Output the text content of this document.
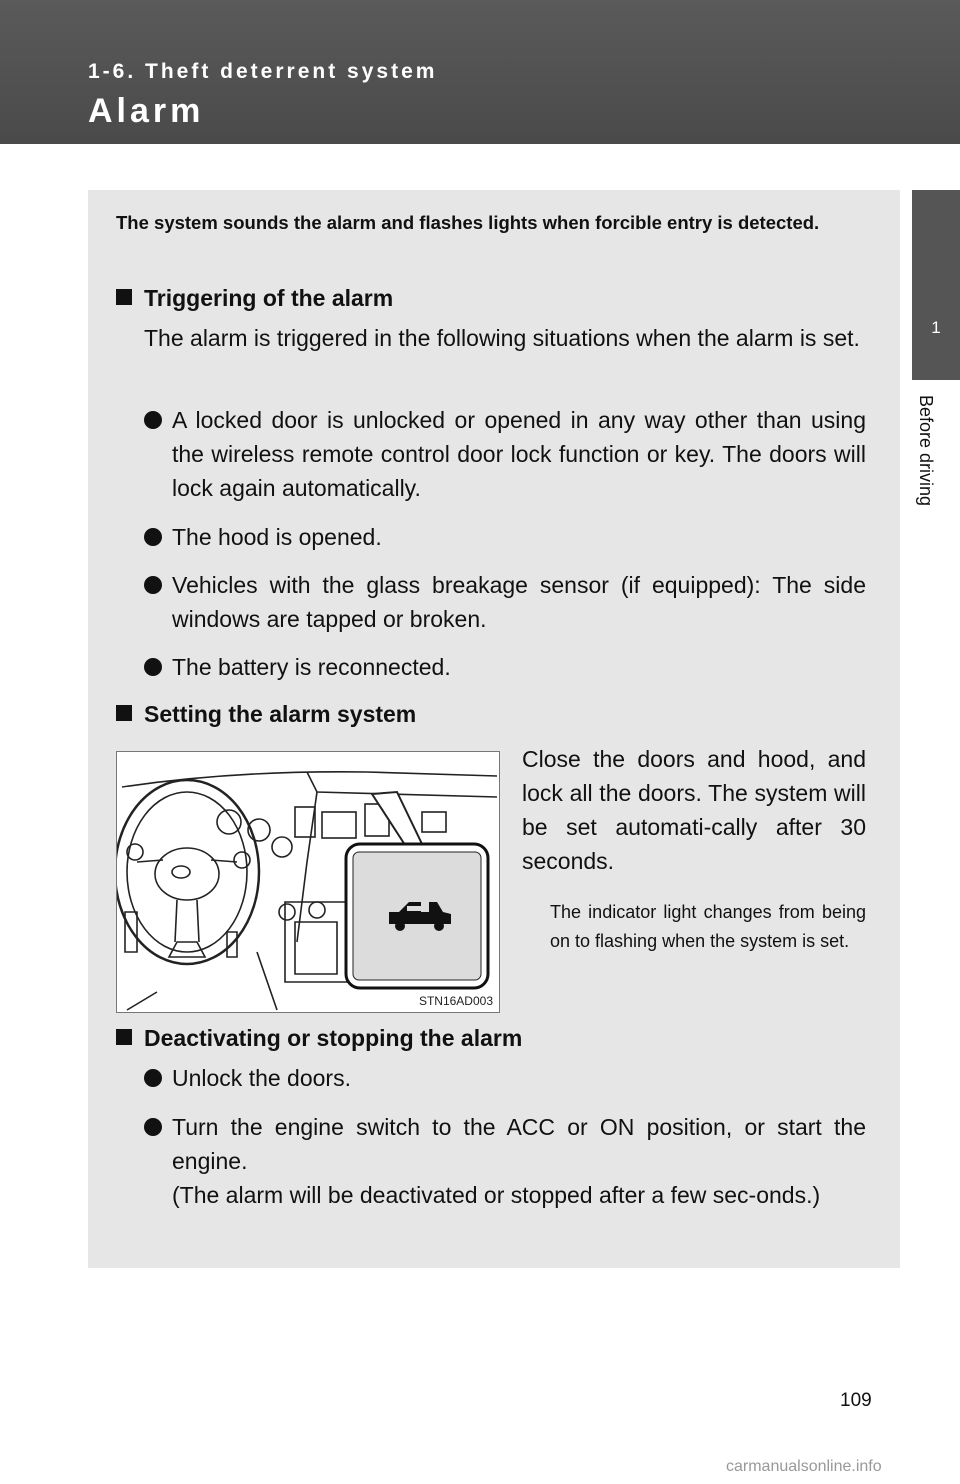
1-6. Theft deterrent system
Alarm
1
Before driving
The system sounds the alarm and flashes lights when forcible entry is detected.
Triggering of the alarm
The alarm is triggered in the following situations when the alarm is set.
A locked door is unlocked or opened in any way other than using the wireless remote control door lock function or key. The doors will lock again automatically.
The hood is opened.
Vehicles with the glass breakage sensor (if equipped): The side windows are tapped or broken.
The battery is reconnected.
Setting the alarm system
STN16AD003
Close the doors and hood, and lock all the doors. The system will be set automati-cally after 30 seconds.
The indicator light changes from being on to flashing when the system is set.
Deactivating or stopping the alarm
Unlock the doors.
Turn the engine switch to the ACC or ON position, or start the engine.
(The alarm will be deactivated or stopped after a few sec-onds.)
109
carmanualsonline.info
